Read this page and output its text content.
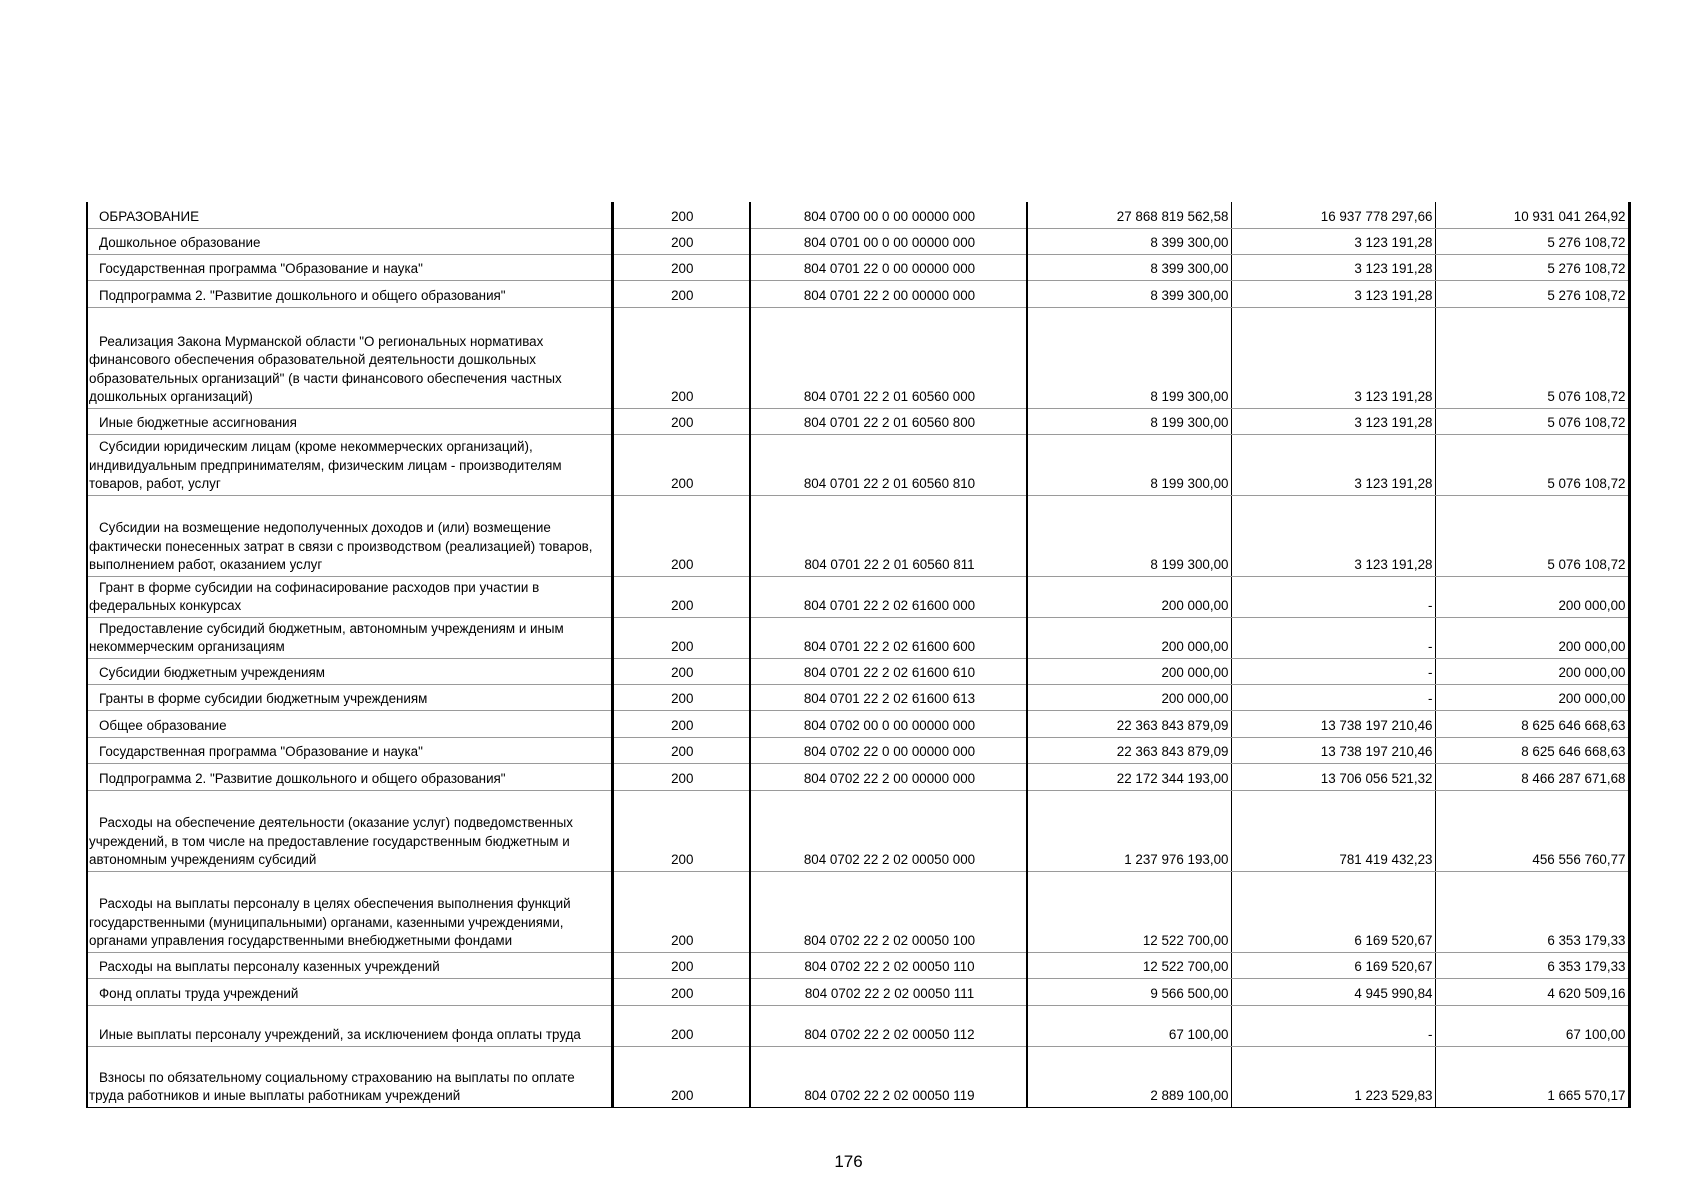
ОБРАЗОВАНИЕ	200	804 0700 00 0 00 00000 000	27 868 819 562,58	16 937 778 297,66	10 931 041 264,92

Дошкольное образование	200	804 0701 00 0 00 00000 000	8 399 300,00	3 123 191,28	5 276 108,72

Государственная программа "Образование и наука"	200	804 0701 22 0 00 00000 000	8 399 300,00	3 123 191,28	5 276 108,72

Подпрограмма 2. "Развитие дошкольного и общего образования"	200	804 0701 22 2 00 00000 000	8 399 300,00	3 123 191,28	5 276 108,72

Реализация Закона Мурманской области "О региональных нормативах финансового обеспечения образовательной деятельности дошкольных образовательных организаций" (в части финансового обеспечения частных дошкольных организаций)	200	804 0701 22 2 01 60560 000	8 199 300,00	3 123 191,28	5 076 108,72

Иные бюджетные ассигнования	200	804 0701 22 2 01 60560 800	8 199 300,00	3 123 191,28	5 076 108,72

Субсидии юридическим лицам (кроме некоммерческих организаций), индивидуальным предпринимателям, физическим лицам - производителям товаров, работ, услуг	200	804 0701 22 2 01 60560 810	8 199 300,00	3 123 191,28	5 076 108,72

Субсидии на возмещение недополученных доходов и (или) возмещение фактически понесенных затрат в связи с производством (реализацией) товаров, выполнением работ, оказанием услуг	200	804 0701 22 2 01 60560 811	8 199 300,00	3 123 191,28	5 076 108,72

Грант в форме субсидии на софинасирование расходов при участии в федеральных конкурсах	200	804 0701 22 2 02 61600 000	200 000,00	-	200 000,00

Предоставление субсидий бюджетным, автономным учреждениям и иным некоммерческим организациям	200	804 0701 22 2 02 61600 600	200 000,00	-	200 000,00

Субсидии бюджетным учреждениям	200	804 0701 22 2 02 61600 610	200 000,00	-	200 000,00

Гранты в форме субсидии бюджетным учреждениям	200	804 0701 22 2 02 61600 613	200 000,00	-	200 000,00

Общее образование	200	804 0702 00 0 00 00000 000	22 363 843 879,09	13 738 197 210,46	8 625 646 668,63

Государственная программа "Образование и наука"	200	804 0702 22 0 00 00000 000	22 363 843 879,09	13 738 197 210,46	8 625 646 668,63

Подпрограмма 2. "Развитие дошкольного и общего образования"	200	804 0702 22 2 00 00000 000	22 172 344 193,00	13 706 056 521,32	8 466 287 671,68

Расходы на обеспечение деятельности (оказание услуг) подведомственных учреждений, в том числе на предоставление государственным бюджетным и автономным учреждениям субсидий	200	804 0702 22 2 02 00050 000	1 237 976 193,00	781 419 432,23	456 556 760,77

Расходы на выплаты персоналу в целях обеспечения выполнения функций государственными (муниципальными) органами, казенными учреждениями, органами управления государственными внебюджетными фондами	200	804 0702 22 2 02 00050 100	12 522 700,00	6 169 520,67	6 353 179,33

Расходы на выплаты персоналу казенных учреждений	200	804 0702 22 2 02 00050 110	12 522 700,00	6 169 520,67	6 353 179,33

Фонд оплаты труда учреждений	200	804 0702 22 2 02 00050 111	9 566 500,00	4 945 990,84	4 620 509,16

Иные выплаты персоналу учреждений, за исключением фонда оплаты труда	200	804 0702 22 2 02 00050 112	67 100,00	-	67 100,00

Взносы по обязательному социальному страхованию на выплаты по оплате труда работников и иные выплаты работникам учреждений	200	804 0702 22 2 02 00050 119	2 889 100,00	1 223 529,83	1 665 570,17
176
